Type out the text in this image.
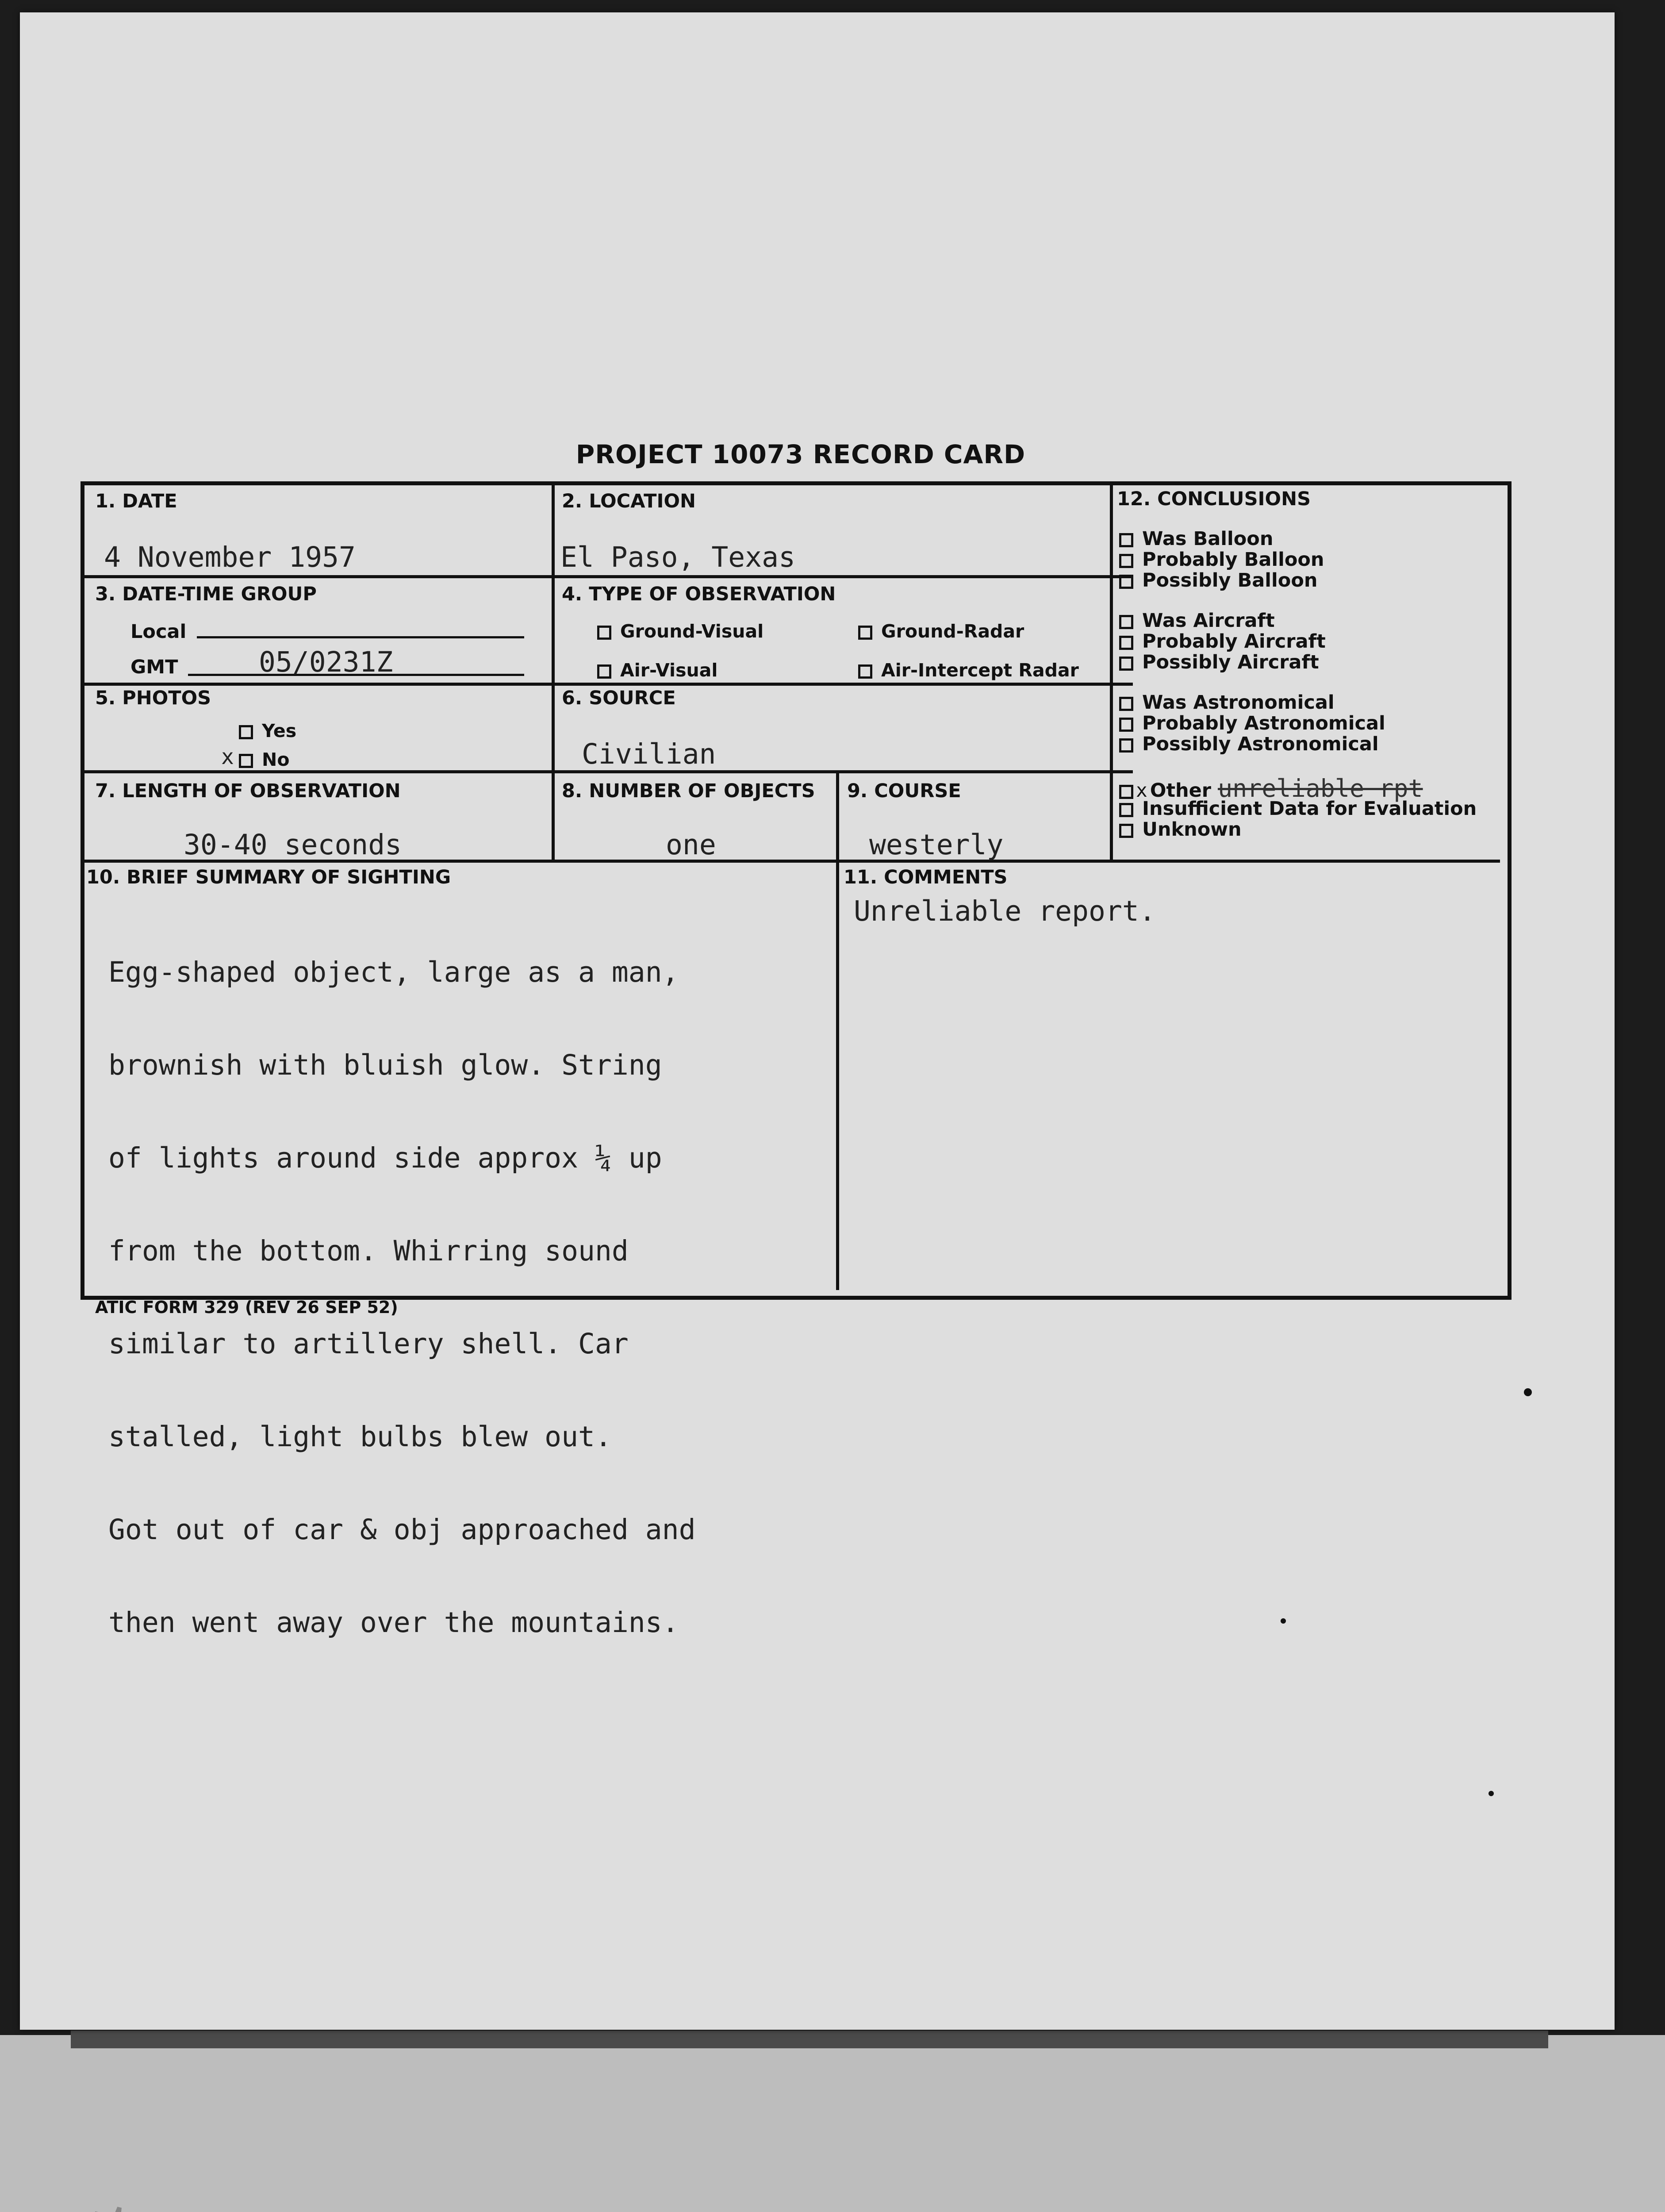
PROJECT 10073 RECORD CARD
1. DATE
4 November 1957
2. LOCATION
El Paso, Texas
3. DATE-TIME GROUP
Local
GMT	05/0231Z
4. TYPE OF OBSERVATION
Ground-Visual	Ground-Radar
Air-Visual	Air-Intercept Radar
5. PHOTOS
Yes
x	No
6. SOURCE
Civilian
7. LENGTH OF OBSERVATION
30-40 seconds
8. NUMBER OF OBJECTS
one
9. COURSE
westerly
10. BRIEF SUMMARY OF SIGHTING

Egg-shaped object, large as a man,

brownish with bluish glow. String

of lights around side approx ¼ up

from the bottom. Whirring sound

similar to artillery shell. Car

stalled, light bulbs blew out.

Got out of car & obj approached and

then went away over the mountains.

11. COMMENTS
Unreliable report.
12. CONCLUSIONS
Was Balloon
Probably Balloon
Possibly Balloon
Was Aircraft
Probably Aircraft
Possibly Aircraft
Was Astronomical
Probably Astronomical
Possibly Astronomical
x Other unreliable rpt
Insufficient Data for Evaluation
Unknown
ATIC FORM 329 (REV 26 SEP 52)
